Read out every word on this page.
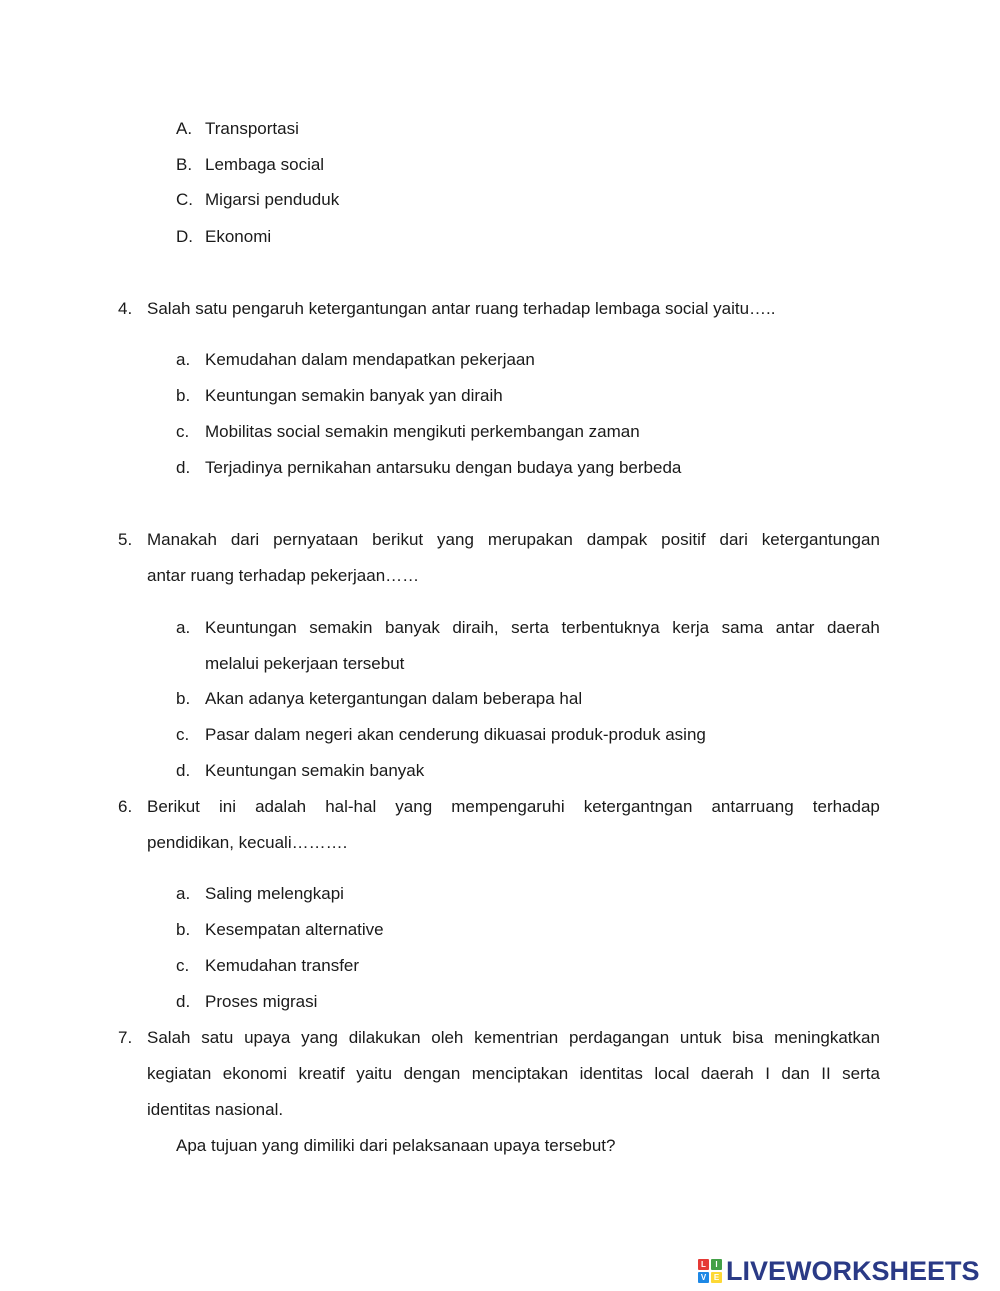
A. Transportasi
B. Lembaga social
C. Migarsi penduduk
D. Ekonomi
4. Salah satu pengaruh ketergantungan antar ruang terhadap lembaga social yaitu…..
a. Kemudahan dalam mendapatkan pekerjaan
b. Keuntungan semakin banyak yan diraih
c. Mobilitas social semakin mengikuti perkembangan zaman
d. Terjadinya pernikahan antarsuku dengan budaya yang berbeda
5. Manakah dari pernyataan berikut yang merupakan dampak positif dari ketergantungan
antar ruang terhadap pekerjaan……
a. Keuntungan semakin banyak diraih, serta terbentuknya kerja sama antar daerah
melalui pekerjaan tersebut
b. Akan adanya ketergantungan dalam beberapa hal
c. Pasar dalam negeri akan cenderung dikuasai produk-produk asing
d. Keuntungan semakin banyak
6. Berikut ini adalah hal-hal yang mempengaruhi ketergantngan antarruang terhadap
pendidikan, kecuali……….
a. Saling melengkapi
b. Kesempatan alternative
c. Kemudahan transfer
d. Proses migrasi
7. Salah satu upaya yang dilakukan oleh kementrian perdagangan untuk bisa meningkatkan
kegiatan ekonomi kreatif yaitu dengan menciptakan identitas local daerah I dan II serta
identitas nasional.
Apa tujuan yang dimiliki dari pelaksanaan upaya tersebut?
L	I
V E LIVEWORKSHEETS
